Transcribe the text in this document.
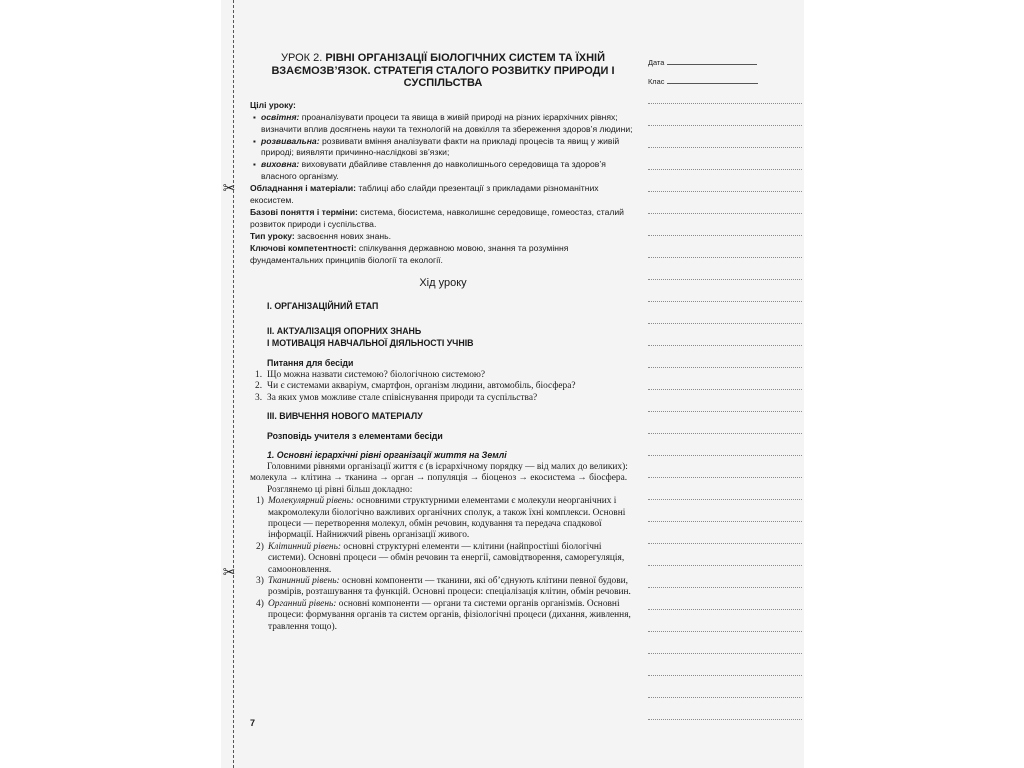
✂
✂
УРОК 2. РІВНІ ОРГАНІЗАЦІЇ БІОЛОГІЧНИХ СИСТЕМ ТА ЇХНІЙ ВЗАЄМОЗВ’ЯЗОК. СТРАТЕГІЯ СТАЛОГО РОЗВИТКУ ПРИРОДИ І СУСПІЛЬСТВА

Цілі уроку:

▪ освітня: проаналізувати процеси та явища в живій природі на різних ієрархічних рівнях; визначити вплив досягнень науки та технологій на довкілля та збереження здоров’я людини;

▪ розвивальна: розвивати вміння аналізувати факти на прикладі процесів та явищ у живій природі; виявляти причинно-наслідкові зв’язки;

▪ виховна: виховувати дбайливе ставлення до навколишнього середовища та здоров’я власного організму.

Обладнання і матеріали: таблиці або слайди презентації з прикладами різноманітних екосистем.

Базові поняття і терміни: система, біосистема, навколишнє середовище, гомеостаз, сталий розвиток природи і суспільства.

Тип уроку: засвоєння нових знань.

Ключові компетентності: спілкування державною мовою, знання та розуміння фундаментальних принципів біології та екології.

Хід уроку

I. ОРГАНІЗАЦІЙНИЙ ЕТАП

II. АКТУАЛІЗАЦІЯ ОПОРНИХ ЗНАНЬ

І МОТИВАЦІЯ НАВЧАЛЬНОЇ ДІЯЛЬНОСТІ УЧНІВ

Питання для бесіди

1. Що можна назвати системою? біологічною системою?

2. Чи є системами акваріум, смартфон, організм людини, автомобіль, біосфера?

3. За яких умов можливе стале співіснування природи та суспільства?

III. ВИВЧЕННЯ НОВОГО МАТЕРІАЛУ

Розповідь учителя з елементами бесіди

1. Основні ієрархічні рівні організації життя на Землі

Головними рівнями організації життя є (в ієрархічному порядку — від малих до великих): молекула → клітина → тканина → орган → популяція → біоценоз → екосистема → біосфера.

Розглянемо ці рівні більш докладно:

1) Молекулярний рівень: основними структурними елементами є молекули неорганічних і макромолекули біологічно важливих органічних сполук, а також їхні комплекси. Основні процеси — перетворення молекул, обмін речовин, кодування та передача спадкової інформації. Найнижчий рівень організації живого.

2) Клітинний рівень: основні структурні елементи — клітини (найпростіші біологічні системи). Основні процеси — обмін речовин та енергії, самовідтворення, саморегуляція, самооновлення.

3) Тканинний рівень: основні компоненти — тканини, які об’єднують клітини певної будови, розмірів, розташування та функцій. Основні процеси: спеціалізація клітин, обмін речовин.

4) Органний рівень: основні компоненти — органи та системи органів організмів. Основні процеси: формування органів та систем органів, фізіологічні процеси (дихання, живлення, травлення тощо).

7
Дата
Клас
